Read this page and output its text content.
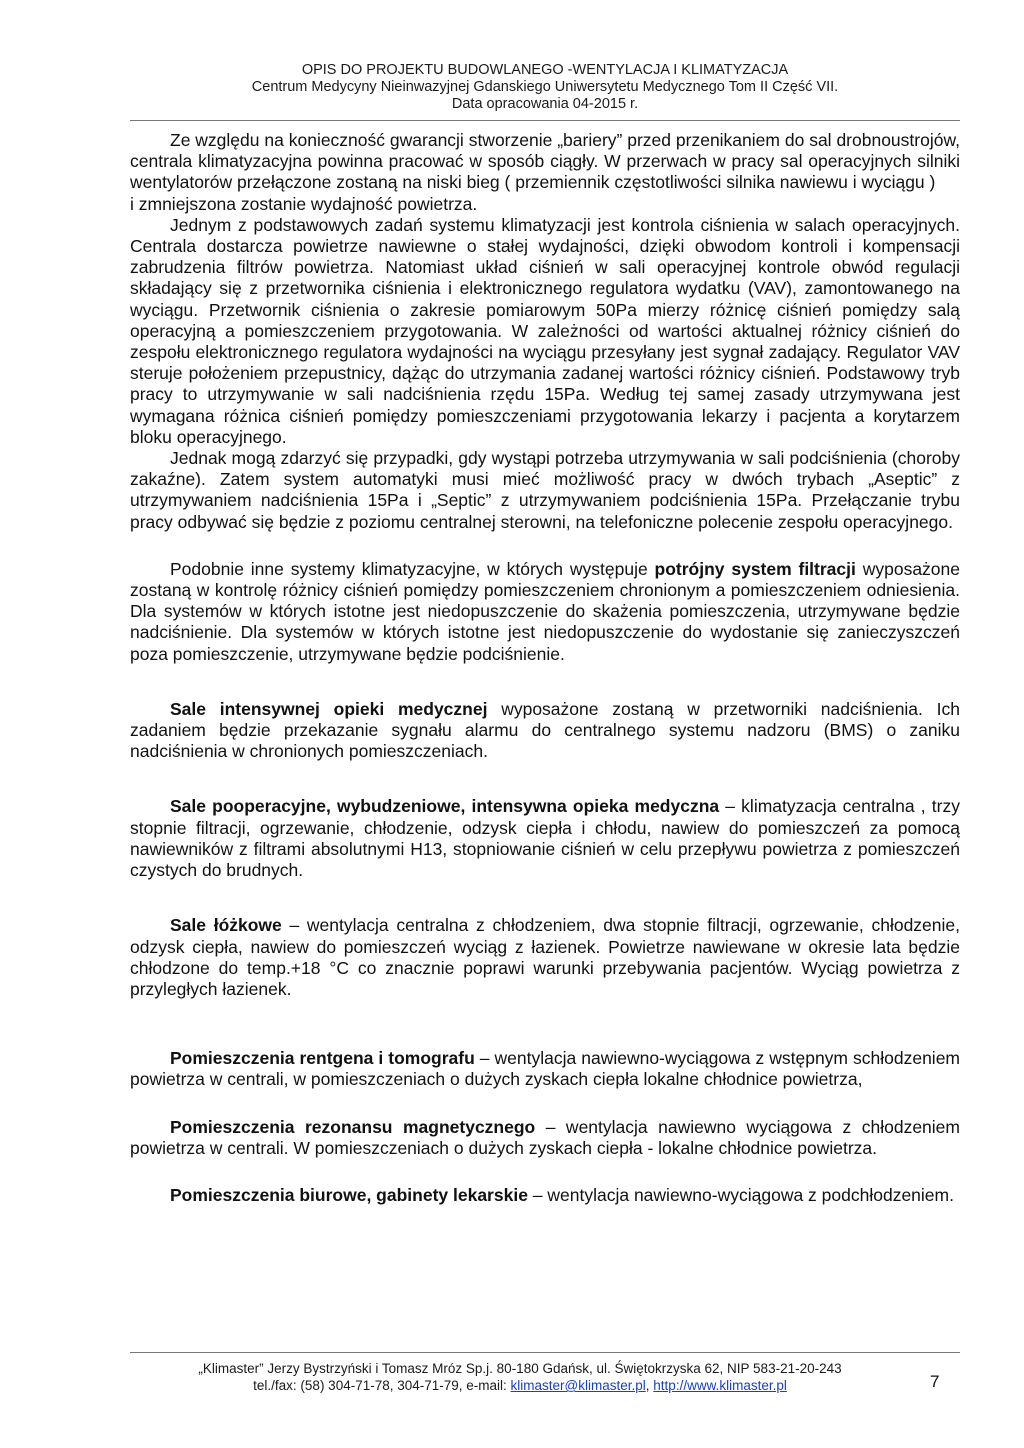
OPIS DO PROJEKTU BUDOWLANEGO -WENTYLACJA I KLIMATYZACJA
Centrum Medycyny Nieinwazyjnej Gdanskiego Uniwersytetu Medycznego Tom II Część VII.
Data opracowania 04-2015 r.

Ze względu na konieczność gwarancji stworzenie „bariery” przed przenikaniem do sal drobnoustrojów, centrala klimatyzacyjna powinna pracować w sposób ciągły. W przerwach w pracy sal operacyjnych silniki wentylatorów przełączone zostaną na niski bieg ( przemiennik częstotliwości silnika nawiewu i wyciągu )

i zmniejszona zostanie wydajność powietrza.

Jednym z podstawowych zadań systemu klimatyzacji jest kontrola ciśnienia w salach operacyjnych. Centrala dostarcza powietrze nawiewne o stałej wydajności, dzięki obwodom kontroli i kompensacji zabrudzenia filtrów powietrza. Natomiast układ ciśnień w sali operacyjnej kontrole obwód regulacji składający się z przetwornika ciśnienia i elektronicznego regulatora wydatku (VAV), zamontowanego na wyciągu. Przetwornik ciśnienia o zakresie pomiarowym 50Pa mierzy różnicę ciśnień pomiędzy salą operacyjną a pomieszczeniem przygotowania. W zależności od wartości aktualnej różnicy ciśnień do zespołu elektronicznego regulatora wydajności na wyciągu przesyłany jest sygnał zadający. Regulator VAV steruje położeniem przepustnicy, dążąc do utrzymania zadanej wartości różnicy ciśnień. Podstawowy tryb pracy to utrzymywanie w sali nadciśnienia rzędu 15Pa. Według tej samej zasady utrzymywana jest wymagana różnica ciśnień pomiędzy pomieszczeniami przygotowania lekarzy i pacjenta a korytarzem bloku operacyjnego.

Jednak mogą zdarzyć się przypadki, gdy wystąpi potrzeba utrzymywania w sali podciśnienia (choroby zakaźne). Zatem system automatyki musi mieć możliwość pracy w dwóch trybach „Aseptic” z utrzymywaniem nadciśnienia 15Pa i „Septic” z utrzymywaniem podciśnienia 15Pa. Przełączanie trybu pracy odbywać się będzie z poziomu centralnej sterowni, na telefoniczne polecenie zespołu operacyjnego.

Podobnie inne systemy klimatyzacyjne, w których występuje potrójny system filtracji wyposażone zostaną w kontrolę różnicy ciśnień pomiędzy pomieszczeniem chronionym a pomieszczeniem odniesienia. Dla systemów w których istotne jest niedopuszczenie do skażenia pomieszczenia, utrzymywane będzie nadciśnienie. Dla systemów w których istotne jest niedopuszczenie do wydostanie się zanieczyszczeń poza pomieszczenie, utrzymywane będzie podciśnienie.

Sale intensywnej opieki medycznej wyposażone zostaną w przetworniki nadciśnienia. Ich zadaniem będzie przekazanie sygnału alarmu do centralnego systemu nadzoru (BMS) o zaniku nadciśnienia w chronionych pomieszczeniach.

Sale pooperacyjne, wybudzeniowe, intensywna opieka medyczna – klimatyzacja centralna , trzy stopnie filtracji, ogrzewanie, chłodzenie, odzysk ciepła i chłodu, nawiew do pomieszczeń za pomocą nawiewników z filtrami absolutnymi H13, stopniowanie ciśnień w celu przepływu powietrza z pomieszczeń czystych do brudnych.

Sale łóżkowe – wentylacja centralna z chłodzeniem, dwa stopnie filtracji, ogrzewanie, chłodzenie, odzysk ciepła, nawiew do pomieszczeń wyciąg z łazienek. Powietrze nawiewane w okresie lata będzie chłodzone do temp.+18 °C co znacznie poprawi warunki przebywania pacjentów. Wyciąg powietrza z przyległych łazienek.

Pomieszczenia rentgena i tomografu – wentylacja nawiewno-wyciągowa z wstępnym schłodzeniem powietrza w centrali, w pomieszczeniach o dużych zyskach ciepła lokalne chłodnice powietrza,

Pomieszczenia rezonansu magnetycznego – wentylacja nawiewno wyciągowa z chłodzeniem powietrza w centrali. W pomieszczeniach o dużych zyskach ciepła - lokalne chłodnice powietrza.

Pomieszczenia biurowe, gabinety lekarskie – wentylacja nawiewno-wyciągowa z podchłodzeniem.

„Klimaster” Jerzy Bystrzyński i Tomasz Mróz Sp.j. 80-180 Gdańsk, ul. Świętokrzyska 62, NIP 583-21-20-243
tel./fax: (58) 304-71-78, 304-71-79, e-mail: klimaster@klimaster.pl, http://www.klimaster.pl	7
